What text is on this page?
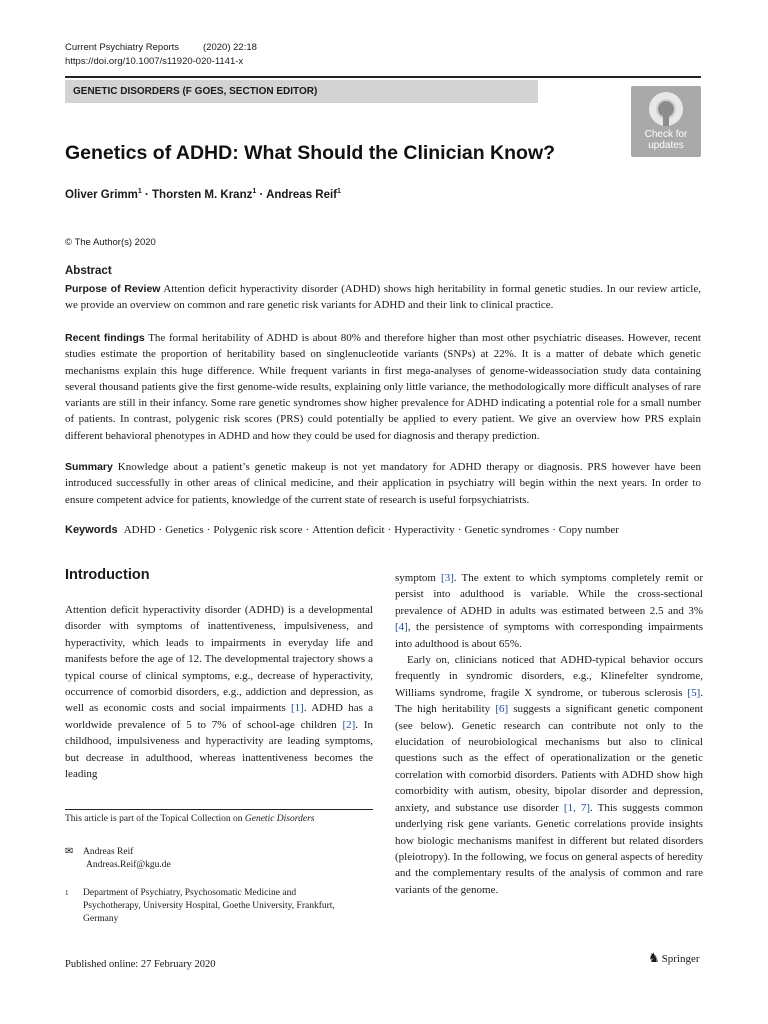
Current Psychiatry Reports	(2020) 22:18
https://doi.org/10.1007/s11920-020-1141-x
GENETIC DISORDERS (F GOES, SECTION EDITOR)
Check for
updates
Genetics of ADHD: What Should the Clinician Know?
Oliver Grimm$^1$ · Thorsten M. Kranz$^1$ · Andreas Reif$^1$
© The Author(s) 2020
Abstract
Purpose of Review Attention deficit hyperactivity disorder (ADHD) shows high heritability in formal genetic studies. In our review article, we provide an overview on common and rare genetic risk variants for ADHD and their link to clinical practice.
Recent findings The formal heritability of ADHD is about 80% and therefore higher than most other psychiatric diseases. However, recent studies estimate the proportion of heritability based on singlenucleotide variants (SNPs) at 22%. It is a matter of debate which genetic mechanisms explain this huge difference. While frequent variants in first mega-analyses of genome-wideassociation study data containing several thousand patients give the first genome-wide results, explaining only little variance, the methodologically more difficult analyses of rare variants are still in their infancy. Some rare genetic syndromes show higher prevalence for ADHD indicating a potential role for a small number of patients. In contrast, polygenic risk scores (PRS) could potentially be applied to every patient. We give an overview how PRS explain different behavioral phenotypes in ADHD and how they could be used for diagnosis and therapy prediction.
Summary Knowledge about a patient’s genetic makeup is not yet mandatory for ADHD therapy or diagnosis. PRS however have been introduced successfully in other areas of clinical medicine, and their application in psychiatry will begin within the next years. In order to ensure competent advice for patients, knowledge of the current state of research is useful forpsychiatrists.
Keywords ADHD · Genetics · Polygenic risk score · Attention deficit · Hyperactivity · Genetic syndromes · Copy number
Introduction

Attention deficit hyperactivity disorder (ADHD) is a developmental disorder with symptoms of inattentiveness, impulsiveness, and hyperactivity, which leads to impairments in everyday life and manifests before the age of 12. The developmental trajectory shows a typical course of clinical symptoms, e.g., decrease of hyperactivity, occurrence of comorbid disorders, e.g., addiction and depression, as well as economic costs and social impairments [1]. ADHD has a worldwide prevalence of 5 to 7% of school-age children [2]. In childhood, impulsiveness and hyperactivity are leading symptoms, but decrease in adulthood, whereas inattentiveness becomes the leading

symptom [3]. The extent to which symptoms completely remit or persist into adulthood is variable. While the cross-sectional prevalence of ADHD in adults was estimated between 2.5 and 3% [4], the persistence of symptoms with corresponding impairments into adulthood is about 65%.

Early on, clinicians noticed that ADHD-typical behavior occurs frequently in syndromic disorders, e.g., Klinefelter syndrome, Williams syndrome, fragile X syndrome, or tuberous sclerosis [5]. The high heritability [6] suggests a significant genetic component (see below). Genetic research can contribute not only to the elucidation of neurobiological mechanisms but also to clinical questions such as the effect of operationalization or the genetic correlation with comorbid disorders. Patients with ADHD show high comorbidity with autism, obesity, bipolar disorder and depression, anxiety, and substance use disorder [1, 7]. This suggests common underlying risk gene variants. Genetic correlations provide insights how biologic mechanisms manifest in different but related disorders (pleiotropy). In the following, we focus on general aspects of heredity and the complementary results of the analysis of common and rare variants of the genome.

This article is part of the Topical Collection on Genetic Disorders
✉ Andreas Reif
Andreas.Reif@kgu.de
1 Department of Psychiatry, Psychosomatic Medicine and Psychotherapy, University Hospital, Goethe University, Frankfurt, Germany
Published online: 27 February 2020	♞ Springer
